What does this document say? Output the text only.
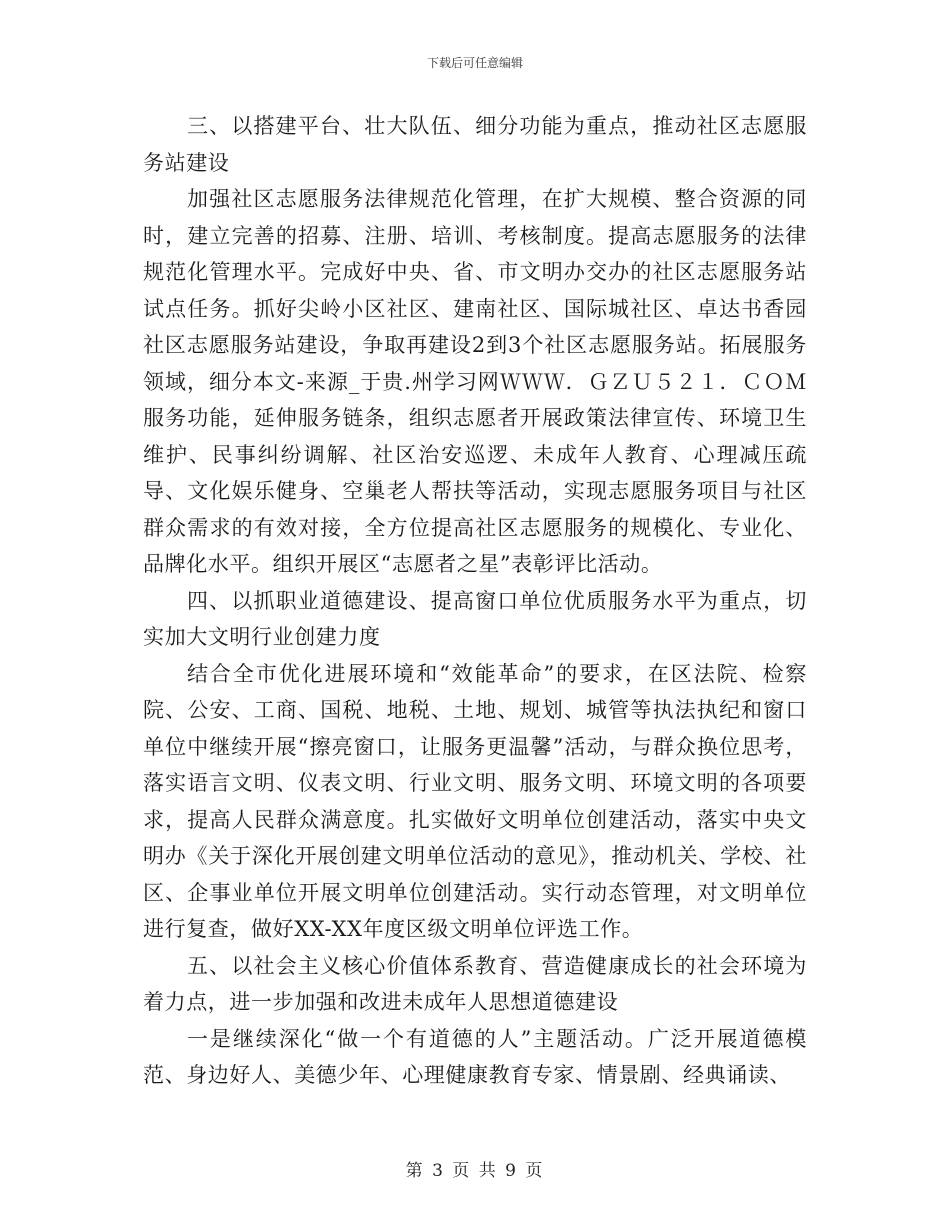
下载后可任意编辑

三、以搭建平台、壮大队伍、细分功能为重点，推动社区志愿服务站建设

加强社区志愿服务法律规范化管理，在扩大规模、整合资源的同时，建立完善的招募、注册、培训、考核制度。提高志愿服务的法律规范化管理水平。完成好中央、省、市文明办交办的社区志愿服务站试点任务。抓好尖岭小区社区、建南社区、国际城社区、卓达书香园社区志愿服务站建设，争取再建设2到3个社区志愿服务站。拓展服务领域，细分本文-来源_于贵.州学习网ＷＷＷ．ＧＺＵ５２１．ＣＯＭ服务功能，延伸服务链条，组织志愿者开展政策法律宣传、环境卫生维护、民事纠纷调解、社区治安巡逻、未成年人教育、心理减压疏导、文化娱乐健身、空巢老人帮扶等活动，实现志愿服务项目与社区群众需求的有效对接，全方位提高社区志愿服务的规模化、专业化、品牌化水平。组织开展区“志愿者之星”表彰评比活动。

四、以抓职业道德建设、提高窗口单位优质服务水平为重点，切实加大文明行业创建力度

结合全市优化进展环境和“效能革命”的要求，在区法院、检察院、公安、工商、国税、地税、土地、规划、城管等执法执纪和窗口单位中继续开展“擦亮窗口，让服务更温馨”活动，与群众换位思考，落实语言文明、仪表文明、行业文明、服务文明、环境文明的各项要求，提高人民群众满意度。扎实做好文明单位创建活动，落实中央文明办《关于深化开展创建文明单位活动的意见》，推动机关、学校、社区、企事业单位开展文明单位创建活动。实行动态管理，对文明单位进行复查，做好XX-XX年度区级文明单位评选工作。

五、以社会主义核心价值体系教育、营造健康成长的社会环境为着力点，进一步加强和改进未成年人思想道德建设

一是继续深化“做一个有道德的人”主题活动。广泛开展道德模范、身边好人、美德少年、心理健康教育专家、情景剧、经典诵读、

第 3 页 共 9 页
